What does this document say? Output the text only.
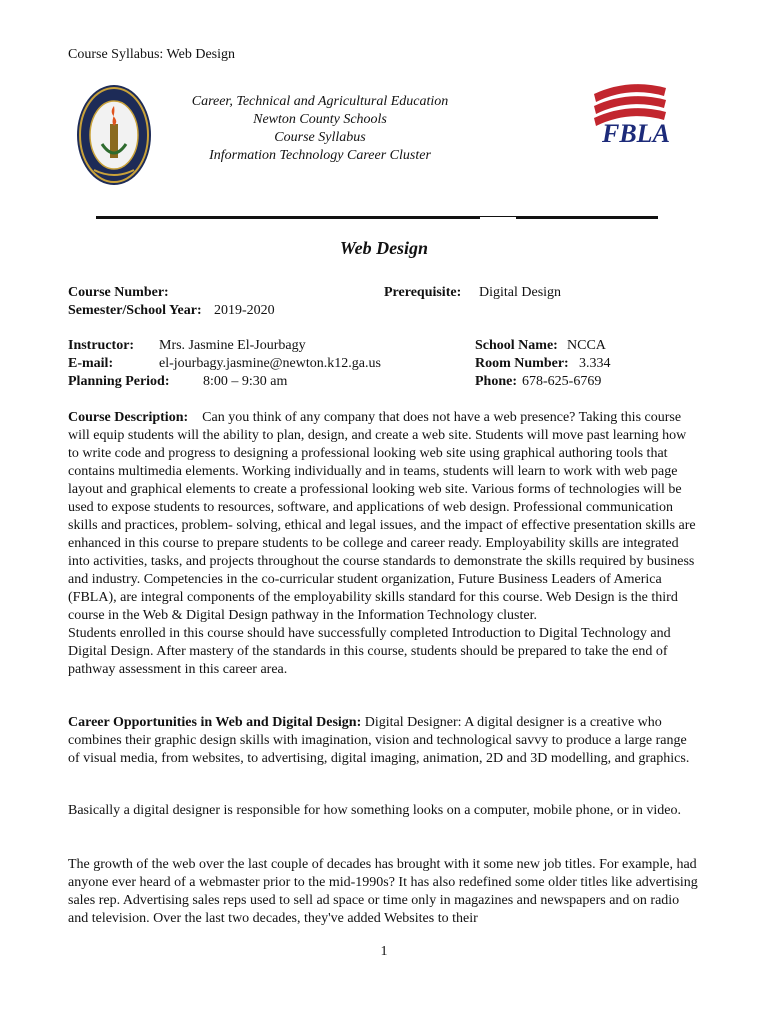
Course Syllabus: Web Design
Career, Technical and Agricultural Education
Newton County Schools
Course Syllabus
Information Technology Career Cluster
FBLA
Web Design
Course Number:	Prerequisite: Digital Design
Semester/School Year: 2019-2020
Instructor: Mrs. Jasmine El-Jourbagy	School Name: NCCA
E-mail:	el-jourbagy.jasmine@newton.k12.ga.us	Room Number: 3.334
Planning Period: 8:00 – 9:30 am	Phone: 678-625-6769

Course Description: Can you think of any company that does not have a web presence? Taking this course will equip students will the ability to plan, design, and create a web site. Students will move past learning how to write code and progress to designing a professional looking web site using graphical authoring tools that contains multimedia elements. Working individually and in teams, students will learn to work with web page layout and graphical elements to create a professional looking web site. Various forms of technologies will be used to expose students to resources, software, and applications of web design. Professional communication skills and practices, problem- solving, ethical and legal issues, and the impact of effective presentation skills are enhanced in this course to prepare students to be college and career ready. Employability skills are integrated into activities, tasks, and projects throughout the course standards to demonstrate the skills required by business and industry. Competencies in the co-curricular student organization, Future Business Leaders of America (FBLA), are integral components of the employability skills standard for this course. Web Design is the third course in the Web & Digital Design pathway in the Information Technology cluster.

Students enrolled in this course should have successfully completed Introduction to Digital Technology and Digital Design. After mastery of the standards in this course, students should be prepared to take the end of pathway assessment in this career area.

Career Opportunities in Web and Digital Design: Digital Designer: A digital designer is a creative who combines their graphic design skills with imagination, vision and technological savvy to produce a large range of visual media, from websites, to advertising, digital imaging, animation, 2D and 3D modelling, and graphics.

Basically a digital designer is responsible for how something looks on a computer, mobile phone, or in video.
The growth of the web over the last couple of decades has brought with it some new job titles. For example, had anyone ever heard of a webmaster prior to the mid-1990s? It has also redefined some older titles like advertising sales rep. Advertising sales reps used to sell ad space or time only in magazines and newspapers and on radio and television. Over the last two decades, they've added Websites to their
1
